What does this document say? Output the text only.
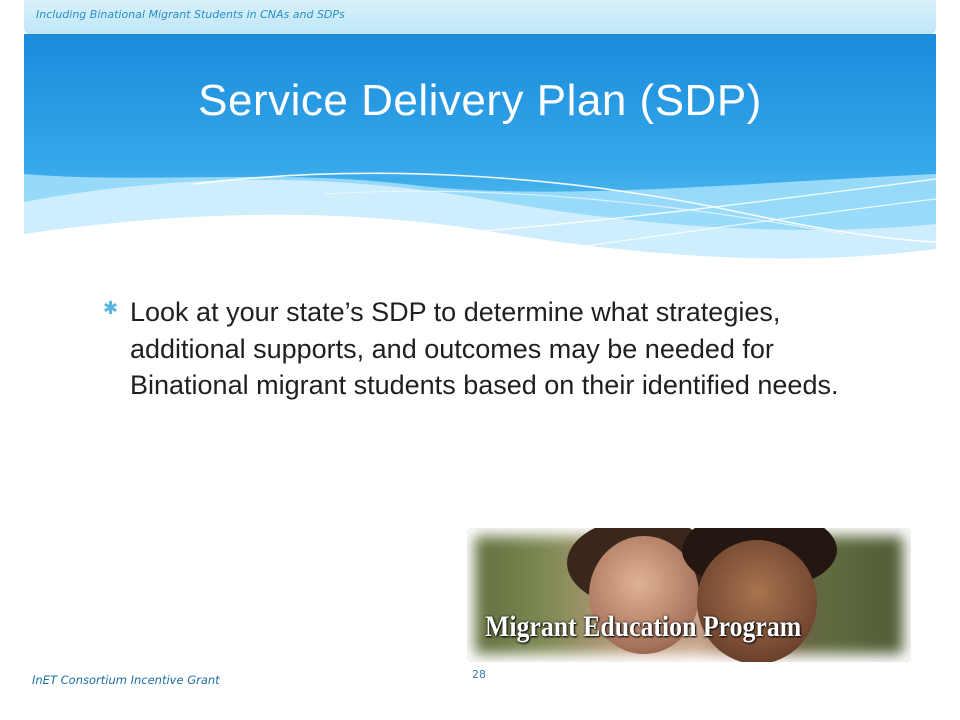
Including Binational Migrant Students in CNAs and SDPs
Service Delivery Plan (SDP)
✱ Look at your state’s SDP to determine what strategies, additional supports, and outcomes may be needed for Binational migrant students based on their identified needs.
Migrant Education Program
InET Consortium Incentive Grant	28
